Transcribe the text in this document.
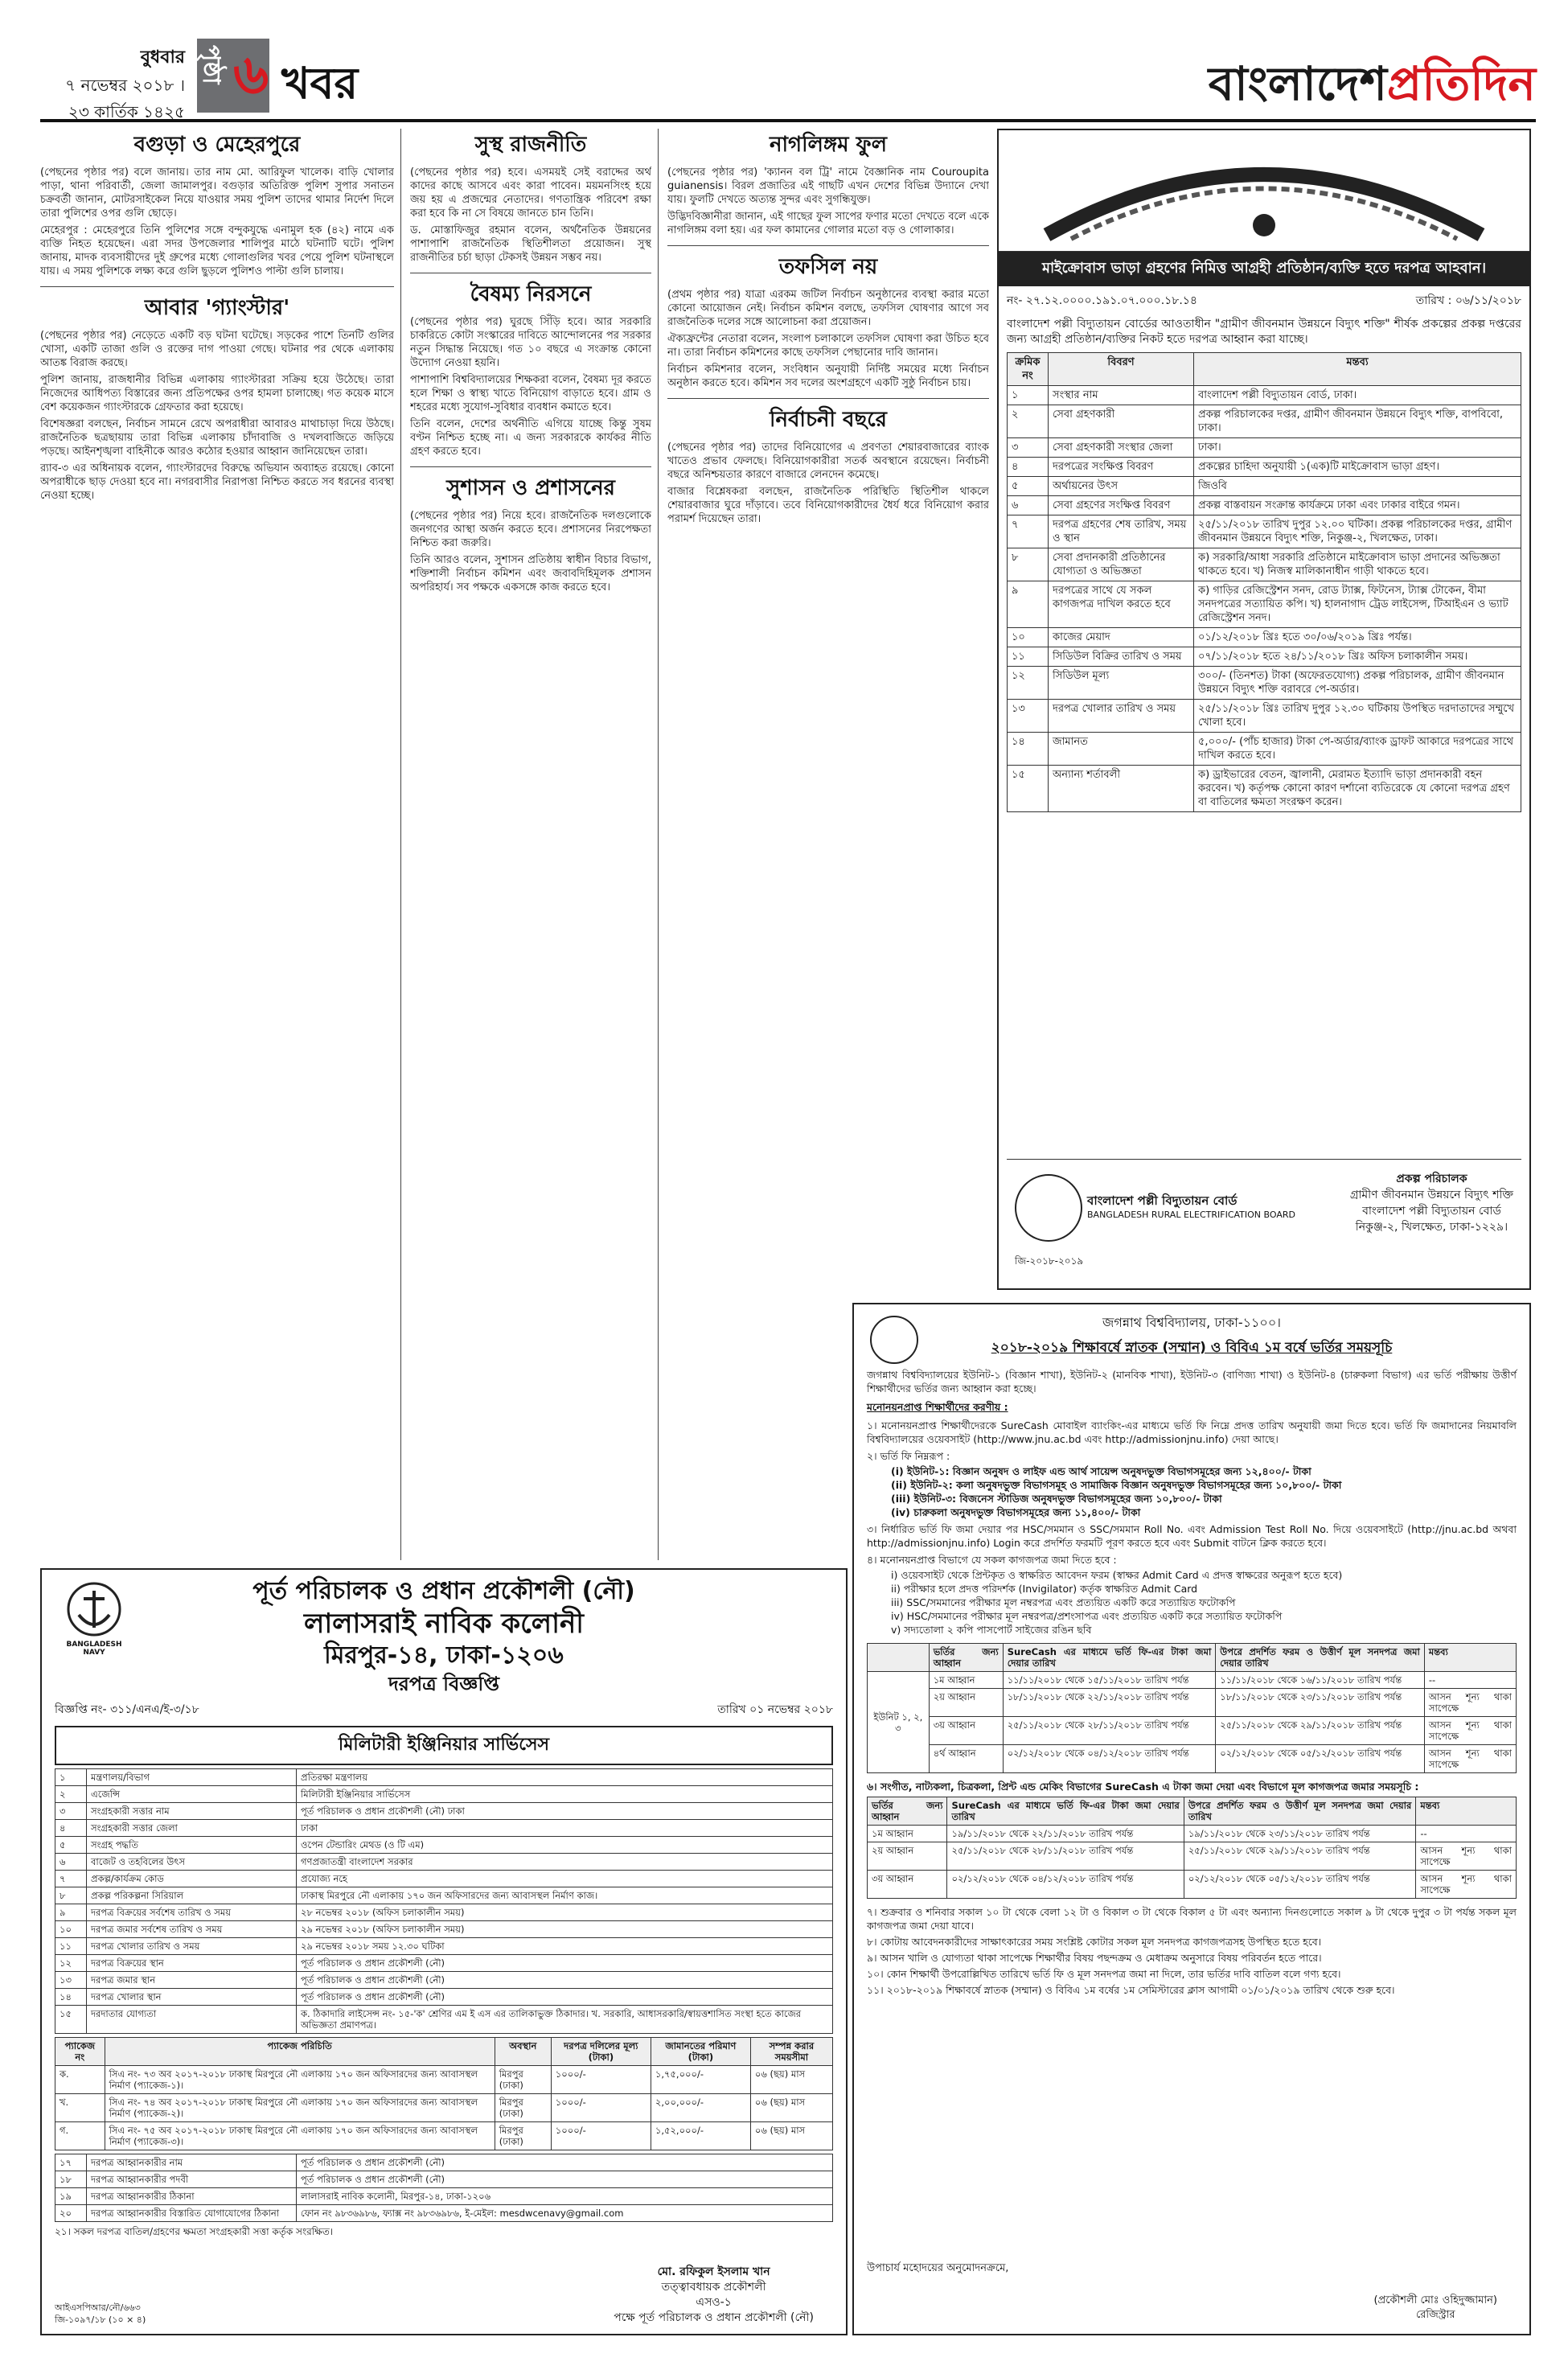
বুধবার
৭ নভেম্বর ২০১৮ । ২৩ কার্তিক ১৪২৫
পৃষ্ঠা ৬ খবর	বাংলাদেশপ্রতিদিন
বগুড়া ও মেহেরপুরে

(পেছনের পৃষ্ঠার পর) বলে জানায়। তার নাম মো. আরিফুল খালেক। বাড়ি খোলার পাড়া, থানা পরিবার্তী, জেলা জামালপুর। বগুড়ার অতিরিক্ত পুলিশ সুপার সনাতন চক্রবর্তী জানান, মোটরসাইকেল নিয়ে যাওয়ার সময় পুলিশ তাদের থামার নির্দেশ দিলে তারা পুলিশের ওপর গুলি ছোড়ে।

মেহেরপুর : মেহেরপুরে তিনি পুলিশের সঙ্গে বন্দুকযুদ্ধে এনামুল হক (৪২) নামে এক ব্যক্তি নিহত হয়েছেন। এরা সদর উপজেলার শালিপুর মাঠে ঘটনাটি ঘটে। পুলিশ জানায়, মাদক ব্যবসায়ীদের দুই গ্রুপের মধ্যে গোলাগুলির খবর পেয়ে পুলিশ ঘটনাস্থলে যায়। এ সময় পুলিশকে লক্ষ্য করে গুলি ছুড়লে পুলিশও পাল্টা গুলি চালায়।

আবার 'গ্যাংস্টার'

(পেছনের পৃষ্ঠার পর) নেড়েতে একটি বড় ঘটনা ঘটেছে। সড়কের পাশে তিনটি গুলির খোসা, একটি তাজা গুলি ও রক্তের দাগ পাওয়া গেছে। ঘটনার পর থেকে এলাকায় আতঙ্ক বিরাজ করছে।

পুলিশ জানায়, রাজধানীর বিভিন্ন এলাকায় গ্যাংস্টাররা সক্রিয় হয়ে উঠেছে। তারা নিজেদের আধিপত্য বিস্তারের জন্য প্রতিপক্ষের ওপর হামলা চালাচ্ছে। গত কয়েক মাসে বেশ কয়েকজন গ্যাংস্টারকে গ্রেফতার করা হয়েছে।

বিশেষজ্ঞরা বলছেন, নির্বাচন সামনে রেখে অপরাধীরা আবারও মাথাচাড়া দিয়ে উঠছে। রাজনৈতিক ছত্রছায়ায় তারা বিভিন্ন এলাকায় চাঁদাবাজি ও দখলবাজিতে জড়িয়ে পড়ছে। আইনশৃঙ্খলা বাহিনীকে আরও কঠোর হওয়ার আহ্বান জানিয়েছেন তারা।

র‌্যাব-৩ এর অধিনায়ক বলেন, গ্যাংস্টারদের বিরুদ্ধে অভিযান অব্যাহত রয়েছে। কোনো অপরাধীকে ছাড় দেওয়া হবে না। নগরবাসীর নিরাপত্তা নিশ্চিত করতে সব ধরনের ব্যবস্থা নেওয়া হচ্ছে।

সুস্থ রাজনীতি

(পেছনের পৃষ্ঠার পর) হবে। এসময়ই সেই বরাদ্দের অর্থ কাদের কাছে আসবে এবং কারা পাবেন। ময়মনসিংহ হয়ে জয় হয় এ প্রজন্মের নেতাদের। গণতান্ত্রিক পরিবেশ রক্ষা করা হবে কি না সে বিষয়ে জানতে চান তিনি।

ড. মোস্তাফিজুর রহমান বলেন, অর্থনৈতিক উন্নয়নের পাশাপাশি রাজনৈতিক স্থিতিশীলতা প্রয়োজন। সুস্থ রাজনীতির চর্চা ছাড়া টেকসই উন্নয়ন সম্ভব নয়।

বৈষম্য নিরসনে

(পেছনের পৃষ্ঠার পর) ঘুরছে সিঁড়ি হবে। আর সরকারি চাকরিতে কোটা সংস্কারের দাবিতে আন্দোলনের পর সরকার নতুন সিদ্ধান্ত নিয়েছে। গত ১০ বছরে এ সংক্রান্ত কোনো উদ্যোগ নেওয়া হয়নি।

পাশাপাশি বিশ্ববিদ্যালয়ের শিক্ষকরা বলেন, বৈষম্য দূর করতে হলে শিক্ষা ও স্বাস্থ্য খাতে বিনিয়োগ বাড়াতে হবে। গ্রাম ও শহরের মধ্যে সুযোগ-সুবিধার ব্যবধান কমাতে হবে।

তিনি বলেন, দেশের অর্থনীতি এগিয়ে যাচ্ছে কিন্তু সুষম বণ্টন নিশ্চিত হচ্ছে না। এ জন্য সরকারকে কার্যকর নীতি গ্রহণ করতে হবে।

সুশাসন ও প্রশাসনের

(পেছনের পৃষ্ঠার পর) নিয়ে হবে। রাজনৈতিক দলগুলোকে জনগণের আস্থা অর্জন করতে হবে। প্রশাসনের নিরপেক্ষতা নিশ্চিত করা জরুরি।

তিনি আরও বলেন, সুশাসন প্রতিষ্ঠায় স্বাধীন বিচার বিভাগ, শক্তিশালী নির্বাচন কমিশন এবং জবাবদিহিমূলক প্রশাসন অপরিহার্য। সব পক্ষকে একসঙ্গে কাজ করতে হবে।

নাগলিঙ্গম ফুল

(পেছনের পৃষ্ঠার পর) 'ক্যানন বল ট্রি' নামে বৈজ্ঞানিক নাম Couroupita guianensis। বিরল প্রজাতির এই গাছটি এখন দেশের বিভিন্ন উদ্যানে দেখা যায়। ফুলটি দেখতে অত্যন্ত সুন্দর এবং সুগন্ধিযুক্ত।

উদ্ভিদবিজ্ঞানীরা জানান, এই গাছের ফুল সাপের ফণার মতো দেখতে বলে একে নাগলিঙ্গম বলা হয়। এর ফল কামানের গোলার মতো বড় ও গোলাকার।

তফসিল নয়

(প্রথম পৃষ্ঠার পর) যাত্রা এরকম জটিল নির্বাচন অনুষ্ঠানের ব্যবস্থা করার মতো কোনো আয়োজন নেই। নির্বাচন কমিশন বলছে, তফসিল ঘোষণার আগে সব রাজনৈতিক দলের সঙ্গে আলোচনা করা প্রয়োজন।

ঐক্যফ্রন্টের নেতারা বলেন, সংলাপ চলাকালে তফসিল ঘোষণা করা উচিত হবে না। তারা নির্বাচন কমিশনের কাছে তফসিল পেছানোর দাবি জানান।

নির্বাচন কমিশনার বলেন, সংবিধান অনুযায়ী নির্দিষ্ট সময়ের মধ্যে নির্বাচন অনুষ্ঠান করতে হবে। কমিশন সব দলের অংশগ্রহণে একটি সুষ্ঠু নির্বাচন চায়।

নির্বাচনী বছরে

(পেছনের পৃষ্ঠার পর) তাদের বিনিয়োগের এ প্রবণতা শেয়ারবাজারের ব্যাংক খাতেও প্রভাব ফেলছে। বিনিয়োগকারীরা সতর্ক অবস্থানে রয়েছেন। নির্বাচনী বছরে অনিশ্চয়তার কারণে বাজারে লেনদেন কমেছে।

বাজার বিশ্লেষকরা বলছেন, রাজনৈতিক পরিস্থিতি স্থিতিশীল থাকলে শেয়ারবাজার ঘুরে দাঁড়াবে। তবে বিনিয়োগকারীদের ধৈর্য ধরে বিনিয়োগ করার পরামর্শ দিয়েছেন তারা।

মাইক্রোবাস ভাড়া গ্রহণের নিমিত্ত আগ্রহী প্রতিষ্ঠান/ব্যক্তি হতে দরপত্র আহবান।
নং- ২৭.১২.০০০০.১৯১.০৭.০০০.১৮.১৪	তারিখ : ০৬/১১/২০১৮
বাংলাদেশ পল্লী বিদ্যুতায়ন বোর্ডের আওতাধীন "গ্রামীণ জীবনমান উন্নয়নে বিদ্যুৎ শক্তি" শীর্ষক প্রকল্পের প্রকল্প দপ্তরের জন্য আগ্রহী প্রতিষ্ঠান/ব্যক্তির নিকট হতে দরপত্র আহ্বান করা যাচ্ছে।
ক্রমিক নং	বিবরণ	মন্তব্য
১	সংস্থার নাম	বাংলাদেশ পল্লী বিদ্যুতায়ন বোর্ড, ঢাকা।
২	সেবা গ্রহণকারী	প্রকল্প পরিচালকের দপ্তর, গ্রামীণ জীবনমান উন্নয়নে বিদ্যুৎ শক্তি, বাপবিবো, ঢাকা।
৩	সেবা গ্রহণকারী সংস্থার জেলা	ঢাকা।
৪	দরপত্রের সংক্ষিপ্ত বিবরণ	প্রকল্পের চাহিদা অনুযায়ী ১(এক)টি মাইক্রোবাস ভাড়া গ্রহণ।
৫	অর্থায়নের উৎস	জিওবি
৬	সেবা গ্রহণের সংক্ষিপ্ত বিবরণ	প্রকল্প বাস্তবায়ন সংক্রান্ত কার্যক্রমে ঢাকা এবং ঢাকার বাইরে গমন।
৭	দরপত্র গ্রহণের শেষ তারিখ, সময় ও স্থান	২৫/১১/২০১৮ তারিখ দুপুর ১২.০০ ঘটিকা। প্রকল্প পরিচালকের দপ্তর, গ্রামীণ জীবনমান উন্নয়নে বিদ্যুৎ শক্তি, নিকুঞ্জ-২, খিলক্ষেত, ঢাকা।
৮	সেবা প্রদানকারী প্রতিষ্ঠানের যোগ্যতা ও অভিজ্ঞতা	ক) সরকারি/আধা সরকারি প্রতিষ্ঠানে মাইক্রোবাস ভাড়া প্রদানের অভিজ্ঞতা থাকতে হবে। খ) নিজস্ব মালিকানাধীন গাড়ী থাকতে হবে।
৯	দরপত্রের সাথে যে সকল কাগজপত্র দাখিল করতে হবে	ক) গাড়ির রেজিস্ট্রেশন সনদ, রোড ট্যাক্স, ফিটনেস, ট্যাক্স টোকেন, বীমা সনদপত্রের সত্যায়িত কপি। খ) হালনাগাদ ট্রেড লাইসেন্স, টিআইএন ও ভ্যাট রেজিস্ট্রেশন সনদ।
১০	কাজের মেয়াদ	০১/১২/২০১৮ খ্রিঃ হতে ৩০/০৬/২০১৯ খ্রিঃ পর্যন্ত।
১১	সিডিউল বিক্রির তারিখ ও সময়	০৭/১১/২০১৮ হতে ২৪/১১/২০১৮ খ্রিঃ অফিস চলাকালীন সময়।
১২	সিডিউল মূল্য	৩০০/- (তিনশত) টাকা (অফেরতযোগ্য) প্রকল্প পরিচালক, গ্রামীণ জীবনমান উন্নয়নে বিদ্যুৎ শক্তি বরাবরে পে-অর্ডার।
১৩	দরপত্র খোলার তারিখ ও সময়	২৫/১১/২০১৮ খ্রিঃ তারিখ দুপুর ১২.৩০ ঘটিকায় উপস্থিত দরদাতাদের সম্মুখে খোলা হবে।
১৪	জামানত	৫,০০০/- (পাঁচ হাজার) টাকা পে-অর্ডার/ব্যাংক ড্রাফট আকারে দরপত্রের সাথে দাখিল করতে হবে।
১৫	অন্যান্য শর্তাবলী	ক) ড্রাইভারের বেতন, জ্বালানী, মেরামত ইত্যাদি ভাড়া প্রদানকারী বহন করবেন। খ) কর্তৃপক্ষ কোনো কারণ দর্শানো ব্যতিরেকে যে কোনো দরপত্র গ্রহণ বা বাতিলের ক্ষমতা সংরক্ষণ করেন।
বাংলাদেশ পল্লী বিদ্যুতায়ন বোর্ড
BANGLADESH RURAL ELECTRIFICATION BOARD
জি-২০১৮-২০১৯
প্রকল্প পরিচালক
গ্রামীণ জীবনমান উন্নয়নে বিদ্যুৎ শক্তি
বাংলাদেশ পল্লী বিদ্যুতায়ন বোর্ড
নিকুঞ্জ-২, খিলক্ষেত, ঢাকা-১২২৯।
BANGLADESH NAVY
পূর্ত পরিচালক ও প্রধান প্রকৌশলী (নৌ)
লালাসরাই নাবিক কলোনী
মিরপুর-১৪, ঢাকা-১২০৬
দরপত্র বিজ্ঞপ্তি
বিজ্ঞপ্তি নং- ৩১১/এনএ/ই-৩/১৮	তারিখ ০১ নভেম্বর ২০১৮
মিলিটারী ইঞ্জিনিয়ার সার্ভিসেস
১	মন্ত্রণালয়/বিভাগ	প্রতিরক্ষা মন্ত্রণালয়
২	এজেন্সি	মিলিটারী ইঞ্জিনিয়ার সার্ভিসেস
৩	সংগ্রহকারী সত্তার নাম	পূর্ত পরিচালক ও প্রধান প্রকৌশলী (নৌ) ঢাকা
৪	সংগ্রহকারী সত্তার জেলা	ঢাকা
৫	সংগ্রহ পদ্ধতি	ওপেন টেন্ডারিং মেথড (ও টি এম)
৬	বাজেট ও তহবিলের উৎস	গণপ্রজাতন্ত্রী বাংলাদেশ সরকার
৭	প্রকল্প/কার্যক্রম কোড	প্রযোজ্য নহে
৮	প্রকল্প পরিকল্পনা সিরিয়াল	ঢাকাস্থ মিরপুরে নৌ এলাকায় ১৭০ জন অফিসারদের জন্য আবাসস্থল নির্মাণ কাজ।
৯	দরপত্র বিক্রয়ের সর্বশেষ তারিখ ও সময়	২৮ নভেম্বর ২০১৮ (অফিস চলাকালীন সময়)
১০	দরপত্র জমার সর্বশেষ তারিখ ও সময়	২৯ নভেম্বর ২০১৮ (অফিস চলাকালীন সময়)
১১	দরপত্র খোলার তারিখ ও সময়	২৯ নভেম্বর ২০১৮ সময় ১২.৩০ ঘটিকা
১২	দরপত্র বিক্রয়ের স্থান	পূর্ত পরিচালক ও প্রধান প্রকৌশলী (নৌ)
১৩	দরপত্র জমার স্থান	পূর্ত পরিচালক ও প্রধান প্রকৌশলী (নৌ)
১৪	দরপত্র খোলার স্থান	পূর্ত পরিচালক ও প্রধান প্রকৌশলী (নৌ)
১৫	দরদাতার যোগ্যতা	ক. ঠিকাদারি লাইসেন্স নং- ১৫-'ক' শ্রেণির এম ই এস এর তালিকাভুক্ত ঠিকাদার। খ. সরকারি, আধাসরকারি/স্বায়ত্তশাসিত সংস্থা হতে কাজের অভিজ্ঞতা প্রমাণপত্র।
প্যাকেজ নং	প্যাকেজ পরিচিতি	অবস্থান	দরপত্র দলিলের মূল্য (টাকা)	জামানতের পরিমাণ (টাকা)	সম্পন্ন করার সময়সীমা
ক.	সিএ নং- ৭৩ অব ২০১৭-২০১৮ ঢাকাস্থ মিরপুরে নৌ এলাকায় ১৭০ জন অফিসারদের জন্য আবাসস্থল নির্মাণ (প্যাকেজ-১)।	মিরপুর (ঢাকা)	১০০০/-	১,৭৫,০০০/-	০৬ (ছয়) মাস
খ.	সিএ নং- ৭৪ অব ২০১৭-২০১৮ ঢাকাস্থ মিরপুরে নৌ এলাকায় ১৭০ জন অফিসারদের জন্য আবাসস্থল নির্মাণ (প্যাকেজ-২)।	মিরপুর (ঢাকা)	১০০০/-	২,০০,০০০/-	০৬ (ছয়) মাস
গ.	সিএ নং- ৭৫ অব ২০১৭-২০১৮ ঢাকাস্থ মিরপুরে নৌ এলাকায় ১৭০ জন অফিসারদের জন্য আবাসস্থল নির্মাণ (প্যাকেজ-৩)।	মিরপুর (ঢাকা)	১০০০/-	১,৫২,০০০/-	০৬ (ছয়) মাস
১৭	দরপত্র আহ্বানকারীর নাম	পূর্ত পরিচালক ও প্রধান প্রকৌশলী (নৌ)
১৮	দরপত্র আহ্বানকারীর পদবী	পূর্ত পরিচালক ও প্রধান প্রকৌশলী (নৌ)
১৯	দরপত্র আহ্বানকারীর ঠিকানা	লালাসরাই নাবিক কলোনী, মিরপুর-১৪, ঢাকা-১২০৬
২০	দরপত্র আহ্বানকারীর বিস্তারিত যোগাযোগের ঠিকানা	ফোন নং ৯৮৩৬৯৮৬, ফ্যাক্স নং ৯৮৩৬৯৮৬, ই-মেইল: mesdwcenavy@gmail.com
২১। সকল দরপত্র বাতিল/গ্রহণের ক্ষমতা সংগ্রহকারী সত্তা কর্তৃক সংরক্ষিত।
আইএসপিআর/নৌ/৬৬৩
জি-১০৯৭/১৮ (১০ × ৪)
মো. রফিকুল ইসলাম খান
তত্ত্বাবধায়ক প্রকৌশলী
এসও-১
পক্ষে পূর্ত পরিচালক ও প্রধান প্রকৌশলী (নৌ)
জগন্নাথ বিশ্ববিদ্যালয়, ঢাকা-১১০০।
২০১৮-২০১৯ শিক্ষাবর্ষে স্নাতক (সম্মান) ও বিবিএ ১ম বর্ষে ভর্তির সময়সূচি

জগন্নাথ বিশ্ববিদ্যালয়ের ইউনিট-১ (বিজ্ঞান শাখা), ইউনিট-২ (মানবিক শাখা), ইউনিট-৩ (বাণিজ্য শাখা) ও ইউনিট-৪ (চারুকলা বিভাগ) এর ভর্তি পরীক্ষায় উত্তীর্ণ শিক্ষার্থীদের ভর্তির জন্য আহ্বান করা হচ্ছে।

মনোনয়নপ্রাপ্ত শিক্ষার্থীদের করণীয় :

১। মনোনয়নপ্রাপ্ত শিক্ষার্থীদেরকে SureCash মোবাইল ব্যাংকিং-এর মাধ্যমে ভর্তি ফি নিম্নে প্রদত্ত তারিখ অনুযায়ী জমা দিতে হবে। ভর্তি ফি জমাদানের নিয়মাবলি বিশ্ববিদ্যালয়ের ওয়েবসাইট (http://www.jnu.ac.bd এবং http://admissionjnu.info) দেয়া আছে।

২। ভর্তি ফি নিম্নরূপ :

(i) ইউনিট-১: বিজ্ঞান অনুষদ ও লাইফ এন্ড আর্থ সায়েন্স অনুষদভুক্ত বিভাগসমূহের জন্য ১২,৪০০/- টাকা
(ii) ইউনিট-২: কলা অনুষদভুক্ত বিভাগসমূহ ও সামাজিক বিজ্ঞান অনুষদভুক্ত বিভাগসমূহের জন্য ১০,৮০০/- টাকা
(iii) ইউনিট-৩: বিজনেস স্টাডিজ অনুষদভুক্ত বিভাগসমূহের জন্য ১০,৮০০/- টাকা
(iv) চারুকলা অনুষদভুক্ত বিভাগসমূহের জন্য ১১,৪০০/- টাকা

৩। নির্ধারিত ভর্তি ফি জমা দেয়ার পর HSC/সমমান ও SSC/সমমান Roll No. এবং Admission Test Roll No. দিয়ে ওয়েবসাইটে (http://jnu.ac.bd অথবা http://admissionjnu.info) Login করে প্রদর্শিত ফরমটি পূরণ করতে হবে এবং Submit বাটনে ক্লিক করতে হবে।

৪। মনোনয়নপ্রাপ্ত বিভাগে যে সকল কাগজপত্র জমা দিতে হবে :

i) ওয়েবসাইট থেকে প্রিন্টকৃত ও স্বাক্ষরিত আবেদন ফরম (স্বাক্ষর Admit Card এ প্রদত্ত স্বাক্ষরের অনুরূপ হতে হবে)
ii) পরীক্ষার হলে প্রদত্ত পরিদর্শক (Invigilator) কর্তৃক স্বাক্ষরিত Admit Card
iii) SSC/সমমানের পরীক্ষার মূল নম্বরপত্র এবং প্রত্যয়িত একটি করে সত্যায়িত ফটোকপি
iv) HSC/সমমানের পরীক্ষার মূল নম্বরপত্র/প্রশংসাপত্র এবং প্রত্যয়িত একটি করে সত্যায়িত ফটোকপি
v) সদ্যতোলা ২ কপি পাসপোর্ট সাইজের রঙিন ছবি
	ভর্তির জন্য আহ্বান	SureCash এর মাধ্যমে ভর্তি ফি-এর টাকা জমা দেয়ার তারিখ	উপরে প্রদর্শিত ফরম ও উত্তীর্ণ মূল সনদপত্র জমা দেয়ার তারিখ	মন্তব্য
ইউনিট ১, ২, ৩	১ম আহ্বান	১১/১১/২০১৮ থেকে ১৫/১১/২০১৮ তারিখ পর্যন্ত	১১/১১/২০১৮ থেকে ১৬/১১/২০১৮ তারিখ পর্যন্ত	--
	২য় আহ্বান	১৮/১১/২০১৮ থেকে ২২/১১/২০১৮ তারিখ পর্যন্ত	১৮/১১/২০১৮ থেকে ২৩/১১/২০১৮ তারিখ পর্যন্ত	আসন শূন্য থাকা সাপেক্ষে
	৩য় আহ্বান	২৫/১১/২০১৮ থেকে ২৮/১১/২০১৮ তারিখ পর্যন্ত	২৫/১১/২০১৮ থেকে ২৯/১১/২০১৮ তারিখ পর্যন্ত	আসন শূন্য থাকা সাপেক্ষে
	৪র্থ আহ্বান	০২/১২/২০১৮ থেকে ০৪/১২/২০১৮ তারিখ পর্যন্ত	০২/১২/২০১৮ থেকে ০৫/১২/২০১৮ তারিখ পর্যন্ত	আসন শূন্য থাকা সাপেক্ষে

৬। সংগীত, নাট্যকলা, চিত্রকলা, প্রিন্ট এন্ড মেকিং বিভাগের SureCash এ টাকা জমা দেয়া এবং বিভাগে মূল কাগজপত্র জমার সময়সূচি :

ভর্তির জন্য আহ্বান	SureCash এর মাধ্যমে ভর্তি ফি-এর টাকা জমা দেয়ার তারিখ	উপরে প্রদর্শিত ফরম ও উত্তীর্ণ মূল সনদপত্র জমা দেয়ার তারিখ	মন্তব্য
১ম আহ্বান	১৯/১১/২০১৮ থেকে ২২/১১/২০১৮ তারিখ পর্যন্ত	১৯/১১/২০১৮ থেকে ২৩/১১/২০১৮ তারিখ পর্যন্ত	--
২য় আহ্বান	২৫/১১/২০১৮ থেকে ২৮/১১/২০১৮ তারিখ পর্যন্ত	২৫/১১/২০১৮ থেকে ২৯/১১/২০১৮ তারিখ পর্যন্ত	আসন শূন্য থাকা সাপেক্ষে
৩য় আহ্বান	০২/১২/২০১৮ থেকে ০৪/১২/২০১৮ তারিখ পর্যন্ত	০২/১২/২০১৮ থেকে ০৫/১২/২০১৮ তারিখ পর্যন্ত	আসন শূন্য থাকা সাপেক্ষে

৭। শুক্রবার ও শনিবার সকাল ১০ টা থেকে বেলা ১২ টা ও বিকাল ৩ টা থেকে বিকাল ৫ টা এবং অন্যান্য দিনগুলোতে সকাল ৯ টা থেকে দুপুর ৩ টা পর্যন্ত সকল মূল কাগজপত্র জমা দেয়া যাবে।

৮। কোটায় আবেদনকারীদের সাক্ষাৎকারের সময় সংশ্লিষ্ট কোটার সকল মূল সনদপত্র কাগজপত্রসহ উপস্থিত হতে হবে।

৯। আসন খালি ও যোগ্যতা থাকা সাপেক্ষে শিক্ষার্থীর বিষয় পছন্দক্রম ও মেধাক্রম অনুসারে বিষয় পরিবর্তন হতে পারে।

১০। কোন শিক্ষার্থী উপরোল্লিখিত তারিখে ভর্তি ফি ও মূল সনদপত্র জমা না দিলে, তার ভর্তির দাবি বাতিল বলে গণ্য হবে।

১১। ২০১৮-২০১৯ শিক্ষাবর্ষে স্নাতক (সম্মান) ও বিবিএ ১ম বর্ষের ১ম সেমিস্টারের ক্লাস আগামী ০১/০১/২০১৯ তারিখ থেকে শুরু হবে।

উপাচার্য মহোদয়ের অনুমোদনক্রমে,
(প্রকৌশলী মোঃ ওহিদুজ্জামান)
রেজিস্ট্রার
